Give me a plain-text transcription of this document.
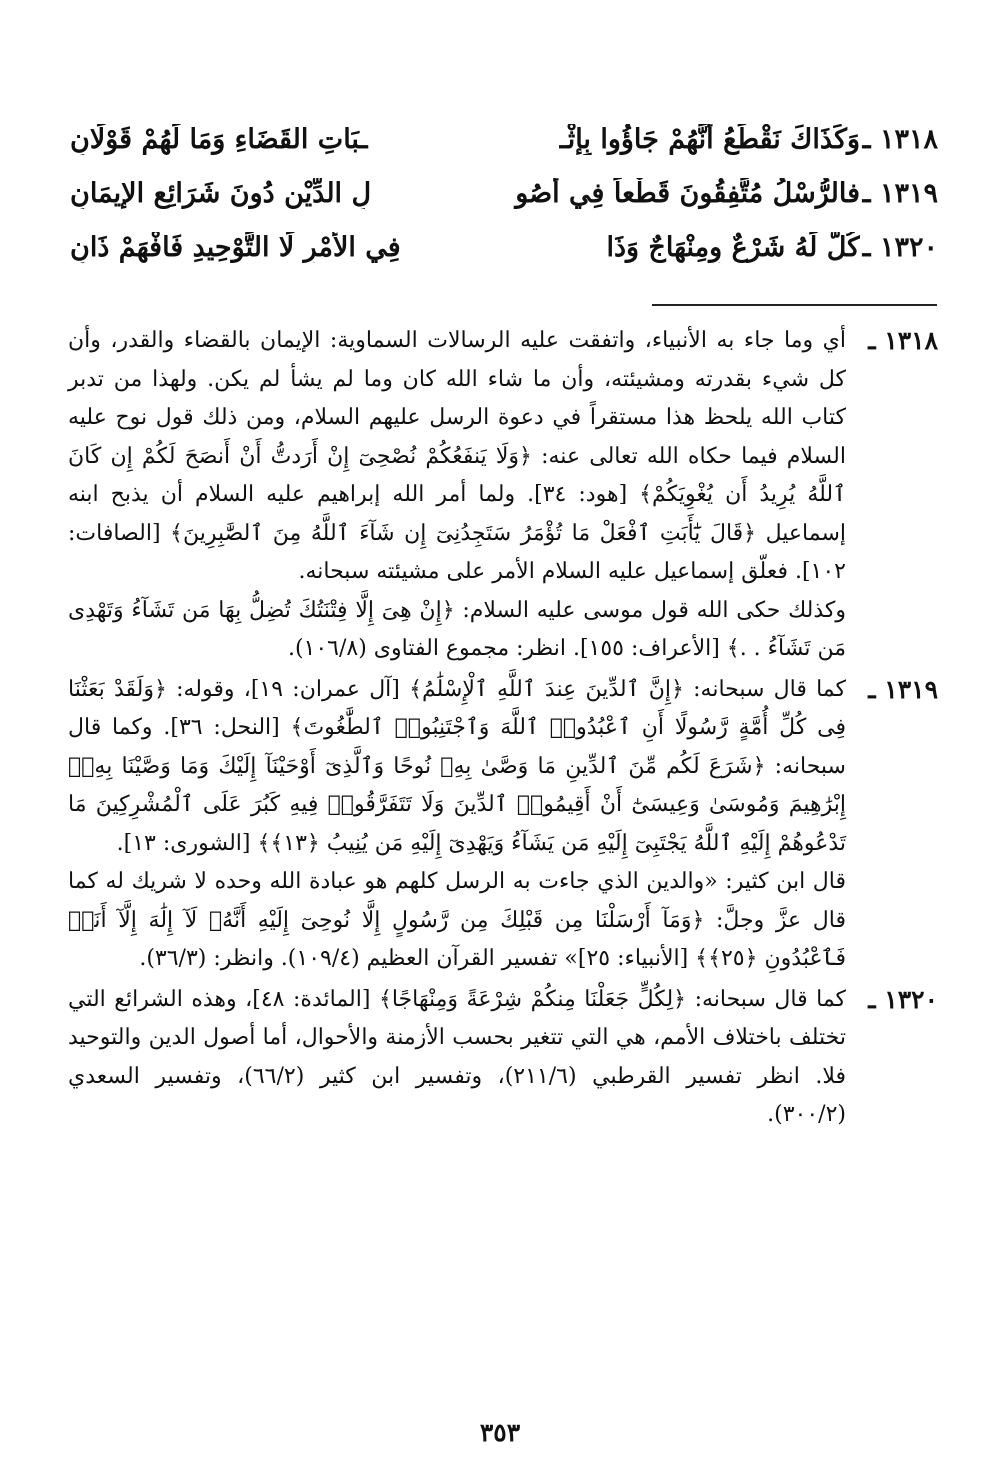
١٣١٨ ـ
وَكَذَاكَ نَقْطَعُ أَنَّهُمْ جَاؤُوا بِإثْـ
ـبَاتِ القَضَاءِ وَمَا لَهُمْ قَوْلَانِ
١٣١٩ ـ
فالرُّسْلُ مُتَّفِقُونَ قَطْعاً فِي أصُو
لِ الدِّيْنِ دُونَ شَرَائِعِ الإيمَانِ
١٣٢٠ ـ
كُلٌّ لَهُ شَرْعٌ وِمِنْهَاجٌ وَذَا
فِي الأَمْرِ لَا التَّوْحِيدِ فَافْهَمْ ذَانِ
١٣١٨ ـ

أي وما جاء به الأنبياء، واتفقت عليه الرسالات السماوية: الإيمان بالقضاء والقدر، وأن كل شيء بقدرته ومشيئته، وأن ما شاء الله كان وما لم يشأ لم يكن. ولهذا من تدبر كتاب الله يلحظ هذا مستقراً في دعوة الرسل عليهم السلام، ومن ذلك قول نوح عليه السلام فيما حكاه الله تعالى عنه: ﴿وَلَا يَنفَعُكُمْ نُصْحِىٓ إِنْ أَرَدتُّ أَنْ أَنصَحَ لَكُمْ إِن كَانَ ٱللَّهُ يُرِيدُ أَن يُغْوِيَكُمْ﴾ [هود: ٣٤]. ولما أمر الله إبراهيم عليه السلام أن يذبح ابنه إسماعيل ﴿قَالَ يَٰٓأَبَتِ ٱفْعَلْ مَا تُؤْمَرُ سَتَجِدُنِىٓ إِن شَآءَ ٱللَّهُ مِنَ ٱلصَّٰبِرِينَ﴾ [الصافات: ١٠٢]. فعلّق إسماعيل عليه السلام الأمر على مشيئته سبحانه.

وكذلك حكى الله قول موسى عليه السلام: ﴿إِنْ هِىَ إِلَّا فِتْنَتُكَ تُضِلُّ بِهَا مَن تَشَآءُ وَتَهْدِى مَن تَشَآءُ . .﴾ [الأعراف: ١٥٥]. انظر: مجموع الفتاوى (١٠٦/٨).

١٣١٩ ـ

كما قال سبحانه: ﴿إِنَّ ٱلدِّينَ عِندَ ٱللَّهِ ٱلْإِسْلَٰمُ﴾ [آل عمران: ١٩]، وقوله: ﴿وَلَقَدْ بَعَثْنَا فِى كُلِّ أُمَّةٍ رَّسُولًا أَنِ ٱعْبُدُوا۟ ٱللَّهَ وَٱجْتَنِبُوا۟ ٱلطَّٰغُوتَ﴾ [النحل: ٣٦]. وكما قال سبحانه: ﴿شَرَعَ لَكُم مِّنَ ٱلدِّينِ مَا وَصَّىٰ بِهِۦ نُوحًا وَٱلَّذِىٓ أَوْحَيْنَآ إِلَيْكَ وَمَا وَصَّيْنَا بِهِۦٓ إِبْرَٰهِيمَ وَمُوسَىٰ وَعِيسَىٰٓ أَنْ أَقِيمُوا۟ ٱلدِّينَ وَلَا تَتَفَرَّقُوا۟ فِيهِ كَبُرَ عَلَى ٱلْمُشْرِكِينَ مَا تَدْعُوهُمْ إِلَيْهِ ٱللَّهُ يَجْتَبِىٓ إِلَيْهِ مَن يَشَآءُ وَيَهْدِىٓ إِلَيْهِ مَن يُنِيبُ ﴿١٣﴾﴾ [الشورى: ١٣].

قال ابن كثير: «والدين الذي جاءت به الرسل كلهم هو عبادة الله وحده لا شريك له كما قال عزَّ وجلَّ: ﴿وَمَآ أَرْسَلْنَا مِن قَبْلِكَ مِن رَّسُولٍ إِلَّا نُوحِىٓ إِلَيْهِ أَنَّهُۥ لَآ إِلَٰهَ إِلَّآ أَنَا۠ فَٱعْبُدُونِ ﴿٢٥﴾﴾ [الأنبياء: ٢٥]» تفسير القرآن العظيم (١٠٩/٤). وانظر: (٣٦/٣).

١٣٢٠ ـ

كما قال سبحانه: ﴿لِكُلٍّ جَعَلْنَا مِنكُمْ شِرْعَةً وَمِنْهَاجًا﴾ [المائدة: ٤٨]، وهذه الشرائع التي تختلف باختلاف الأمم، هي التي تتغير بحسب الأزمنة والأحوال، أما أصول الدين والتوحيد فلا. انظر تفسير القرطبي (٢١١/٦)، وتفسير ابن كثير (٦٦/٢)، وتفسير السعدي (٣٠٠/٢).

٣٥٣
